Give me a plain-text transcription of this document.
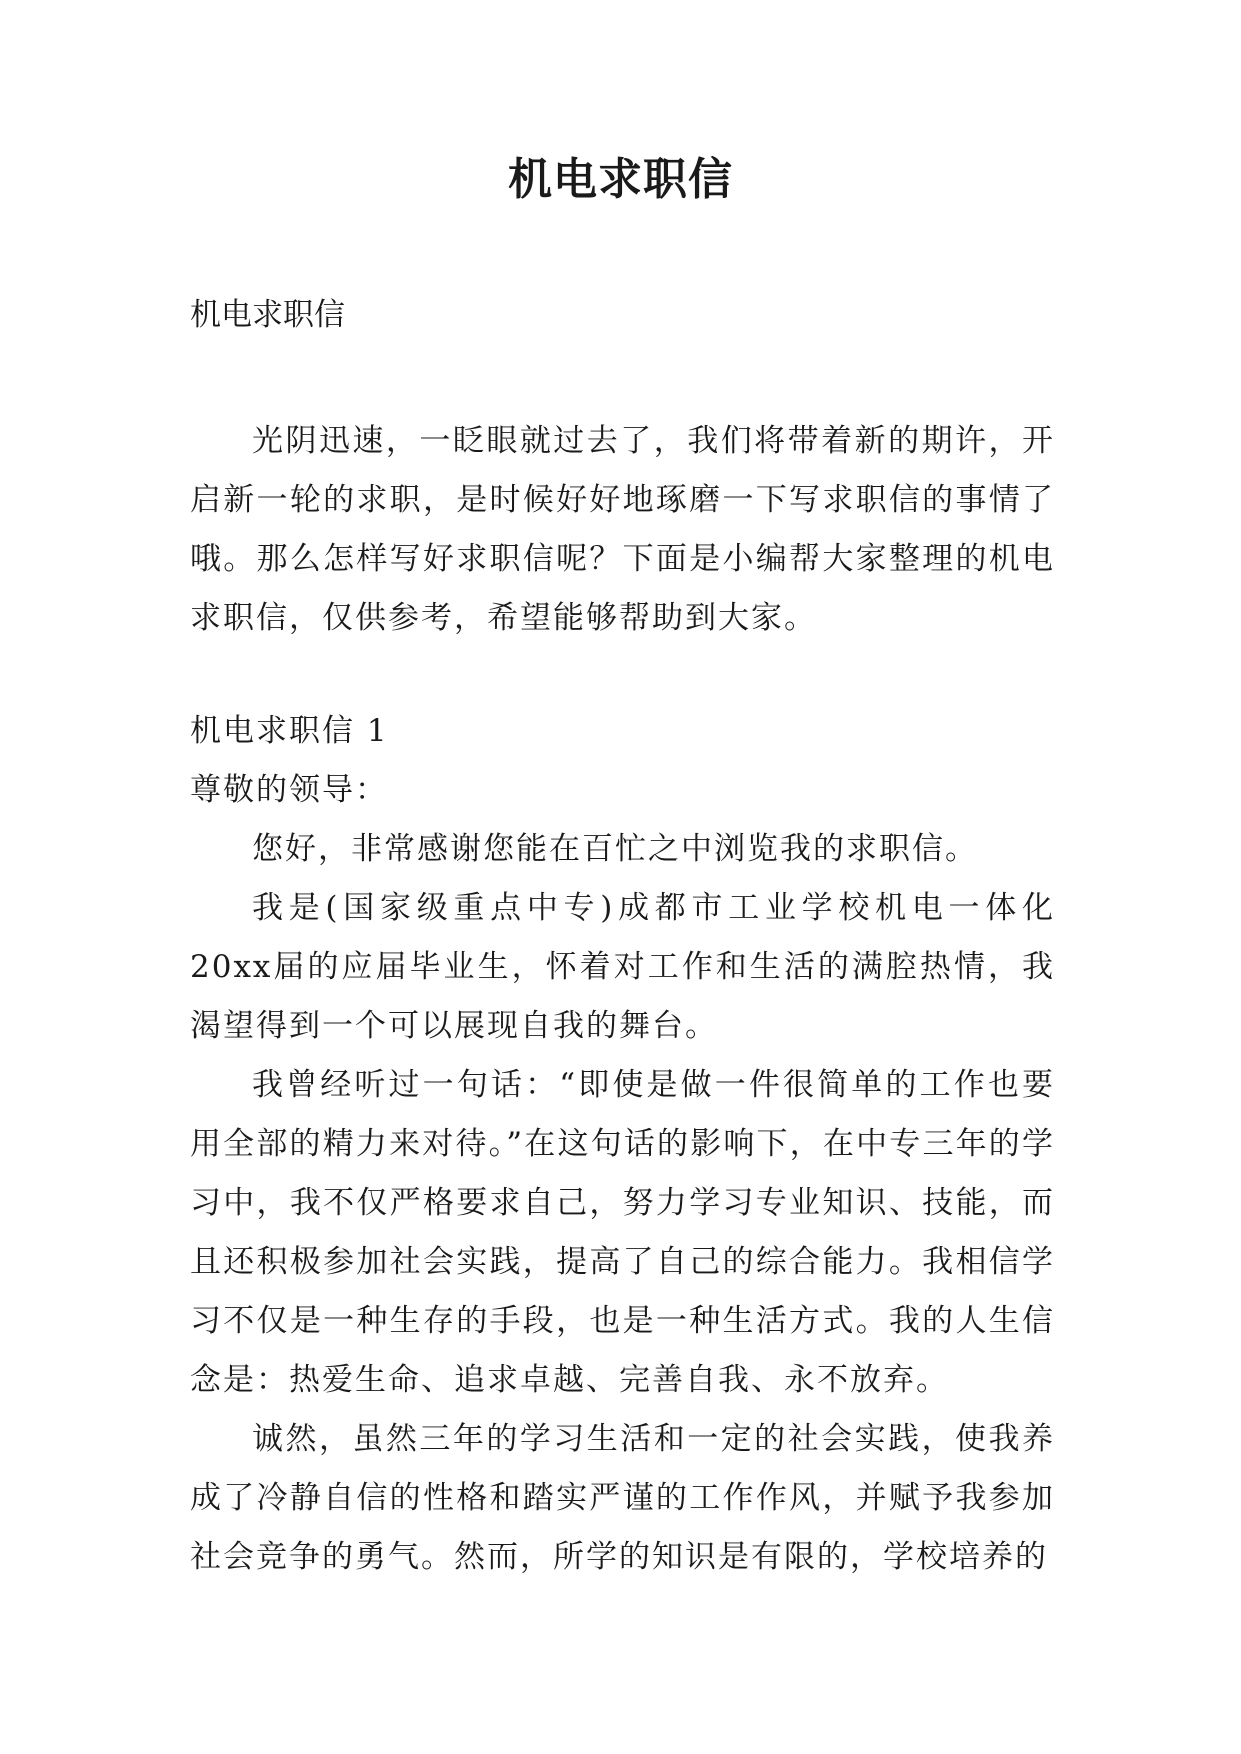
机电求职信
机电求职信

光阴迅速，一眨眼就过去了，我们将带着新的期许，开启新一轮的求职，是时候好好地琢磨一下写求职信的事情了哦。那么怎样写好求职信呢？下面是小编帮大家整理的机电求职信，仅供参考，希望能够帮助到大家。

机电求职信 1

尊敬的领导：

您好，非常感谢您能在百忙之中浏览我的求职信。

我是(国家级重点中专)成都市工业学校机电一体化20xx届的应届毕业生，怀着对工作和生活的满腔热情，我渴望得到一个可以展现自我的舞台。

我曾经听过一句话：“即使是做一件很简单的工作也要用全部的精力来对待。”在这句话的影响下，在中专三年的学习中，我不仅严格要求自己，努力学习专业知识、技能，而且还积极参加社会实践，提高了自己的综合能力。我相信学习不仅是一种生存的手段，也是一种生活方式。我的人生信念是：热爱生命、追求卓越、完善自我、永不放弃。

诚然，虽然三年的学习生活和一定的社会实践，使我养成了冷静自信的性格和踏实严谨的工作作风，并赋予我参加社会竞争的勇气。然而，所学的知识是有限的，学校培养的
